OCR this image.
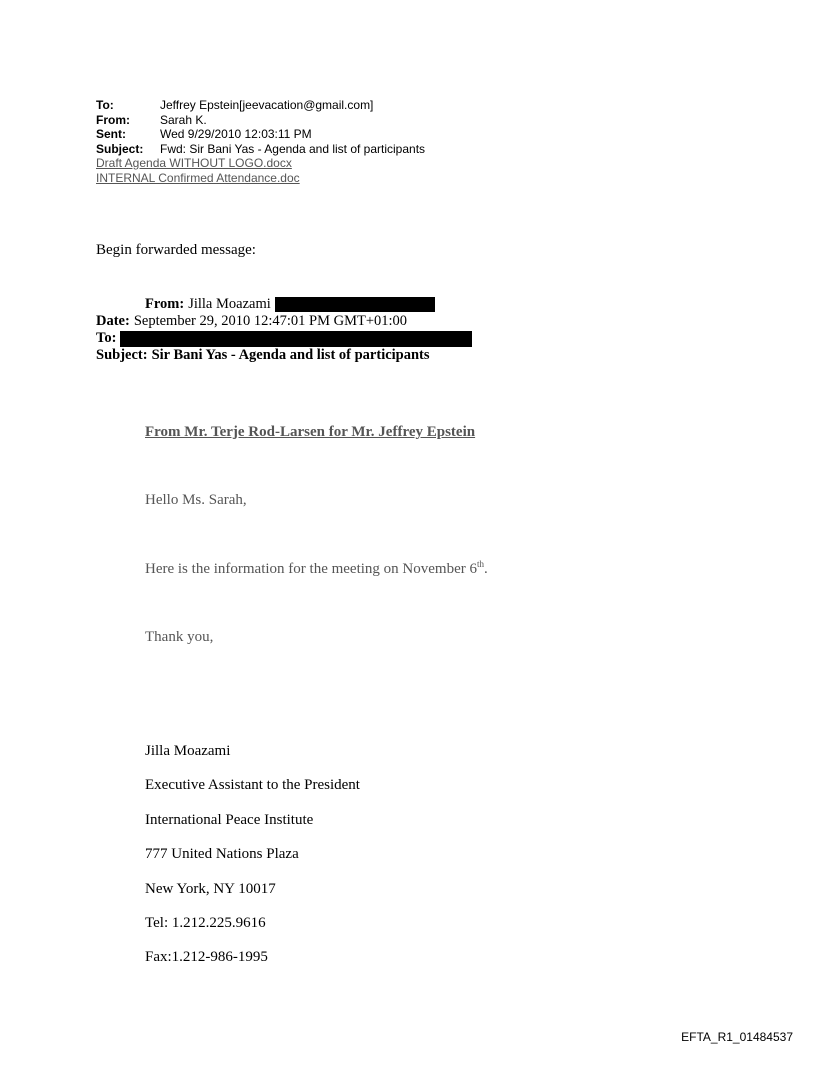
To:	Jeffrey Epstein[jeevacation@gmail.com]
From:	Sarah K.
Sent:	Wed 9/29/2010 12:03:11 PM
Subject:	Fwd: Sir Bani Yas - Agenda and list of participants
Draft Agenda WITHOUT LOGO.docx
INTERNAL Confirmed Attendance.doc
Begin forwarded message:
From: Jilla Moazami
Date: September 29, 2010 12:47:01 PM GMT+01:00
To:
Subject: Sir Bani Yas - Agenda and list of participants
From Mr. Terje Rod-Larsen for Mr. Jeffrey Epstein
Hello Ms. Sarah,
Here is the information for the meeting on November 6th.
Thank you,
Jilla Moazami
Executive Assistant to the President
International Peace Institute
777 United Nations Plaza
New York, NY 10017
Tel: 1.212.225.9616
Fax:1.212-986-1995
EFTA_R1_01484537
